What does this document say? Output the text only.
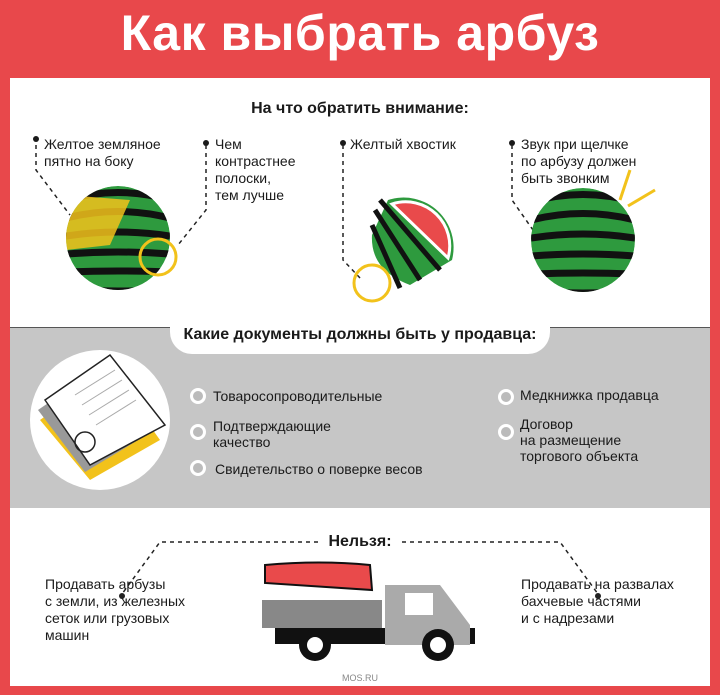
Как выбрать арбуз
На что обратить внимание:
Желтое земляное
пятно на боку
Чем
контрастнее
полоски,
тем лучше
Желтый хвостик	Звук при щелчке
по арбузу должен
быть звонким
Какие документы должны быть у продавца:
Товаросопроводительные
Подтверждающие
качество
Свидетельство о поверке весов
Медкнижка продавца
Договор
на размещение
торгового объекта
Нельзя:
Продавать арбузы
с земли, из железных
сеток или грузовых
машин
Продавать на развалах
бахчевые частями
и с надрезами
MOS.RU
